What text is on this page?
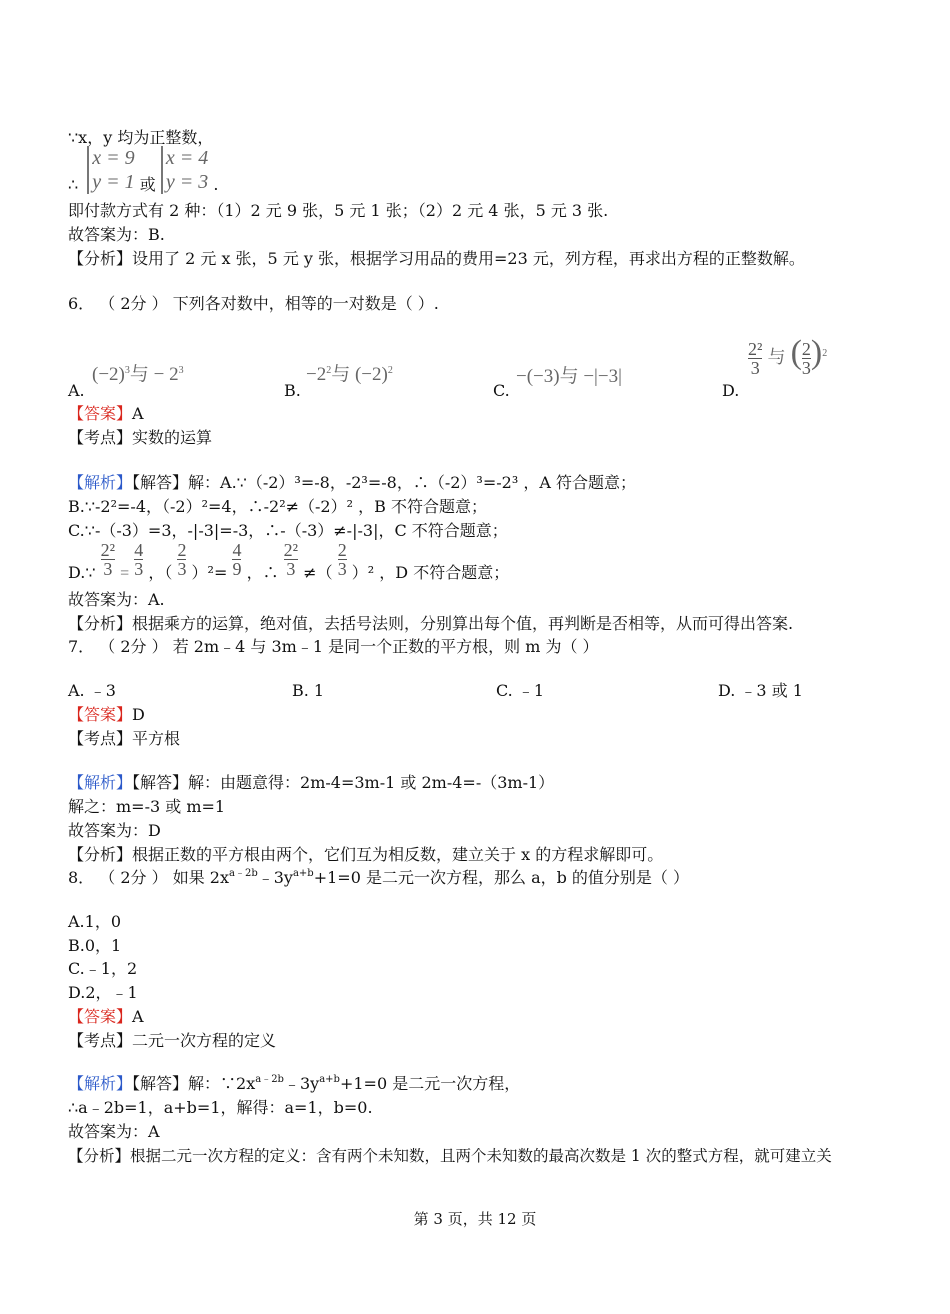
∵x，y 均为正整数，
∴
x = 9
y = 1 或
x = 4
y = 3 .
即付款方式有 2 种：（1）2 元 9 张，5 元 1 张；（2）2 元 4 张，5 元 3 张.
故答案为：B.
【分析】设用了 2 元 x 张，5 元 y 张，根据学习用品的费用=23 元，列方程，再求出方程的正整数解。
6． （ 2分 ） 下列各对数中，相等的一对数是（ ）.
A.
$(-2)^3$与 − $2^3$
B.
$-2^2$与 $(-2)^2$
C.
−(−3)与 −|−3|
D.
$\frac{\text{2²}}{3}$ 与 ( $\frac{2}{3} )^2$
【答案】A
【考点】实数的运算
【解析】【解答】解：A.∵（-2）³=-8，-2³=-8，∴（-2）³=-2³ ，A 符合题意；
B.∵-2²=-4，（-2）²=4，∴-2²≠（-2）² ，B 不符合题意；
C.∵-（-3）=3，-|-3|=-3，∴-（-3）≠-|-3|，C 不符合题意；
D.∵ $\frac{\text{2²}}{3} = \frac{4}{3}$ ，（ $\frac{2}{3} )^2= \frac{4}{9}$ ，∴ $\frac{\text{2²}}{3}$ ≠（ $\frac{2}{3} )^2$ ，D 不符合题意；
故答案为：A.
【分析】根据乘方的运算，绝对值，去括号法则，分别算出每个值，再判断是否相等，从而可得出答案.
7． （ 2分 ） 若 2m﹣4 与 3m﹣1 是同一个正数的平方根，则 m 为（ ）
A. ﹣3	B. 1	C. ﹣1	D. ﹣3 或 1
【答案】D
【考点】平方根
【解析】【解答】解：由题意得：2m-4=3m-1 或 2m-4=-（3m-1）
解之：m=-3 或 m=1
故答案为：D
【分析】根据正数的平方根由两个，它们互为相反数，建立关于 x 的方程求解即可。
8． （ 2分 ） 如果 $2x^{a﹣2b}﹣3y^{a+b}+1=0$ 是二元一次方程，那么 a，b 的值分别是（ ）
A.1，0
B.0，1
C.﹣1，2
D.2，﹣1
【答案】A
【考点】二元一次方程的定义
【解析】【解答】解：$\because 2x^{a﹣2b}﹣3y^{a+b}+1=0$ 是二元一次方程，
∴a﹣2b=1，a+b=1，解得：a=1，b=0.
故答案为：A
【分析】根据二元一次方程的定义：含有两个未知数，且两个未知数的最高次数是 1 次的整式方程，就可建立关
第 3 页，共 12 页
